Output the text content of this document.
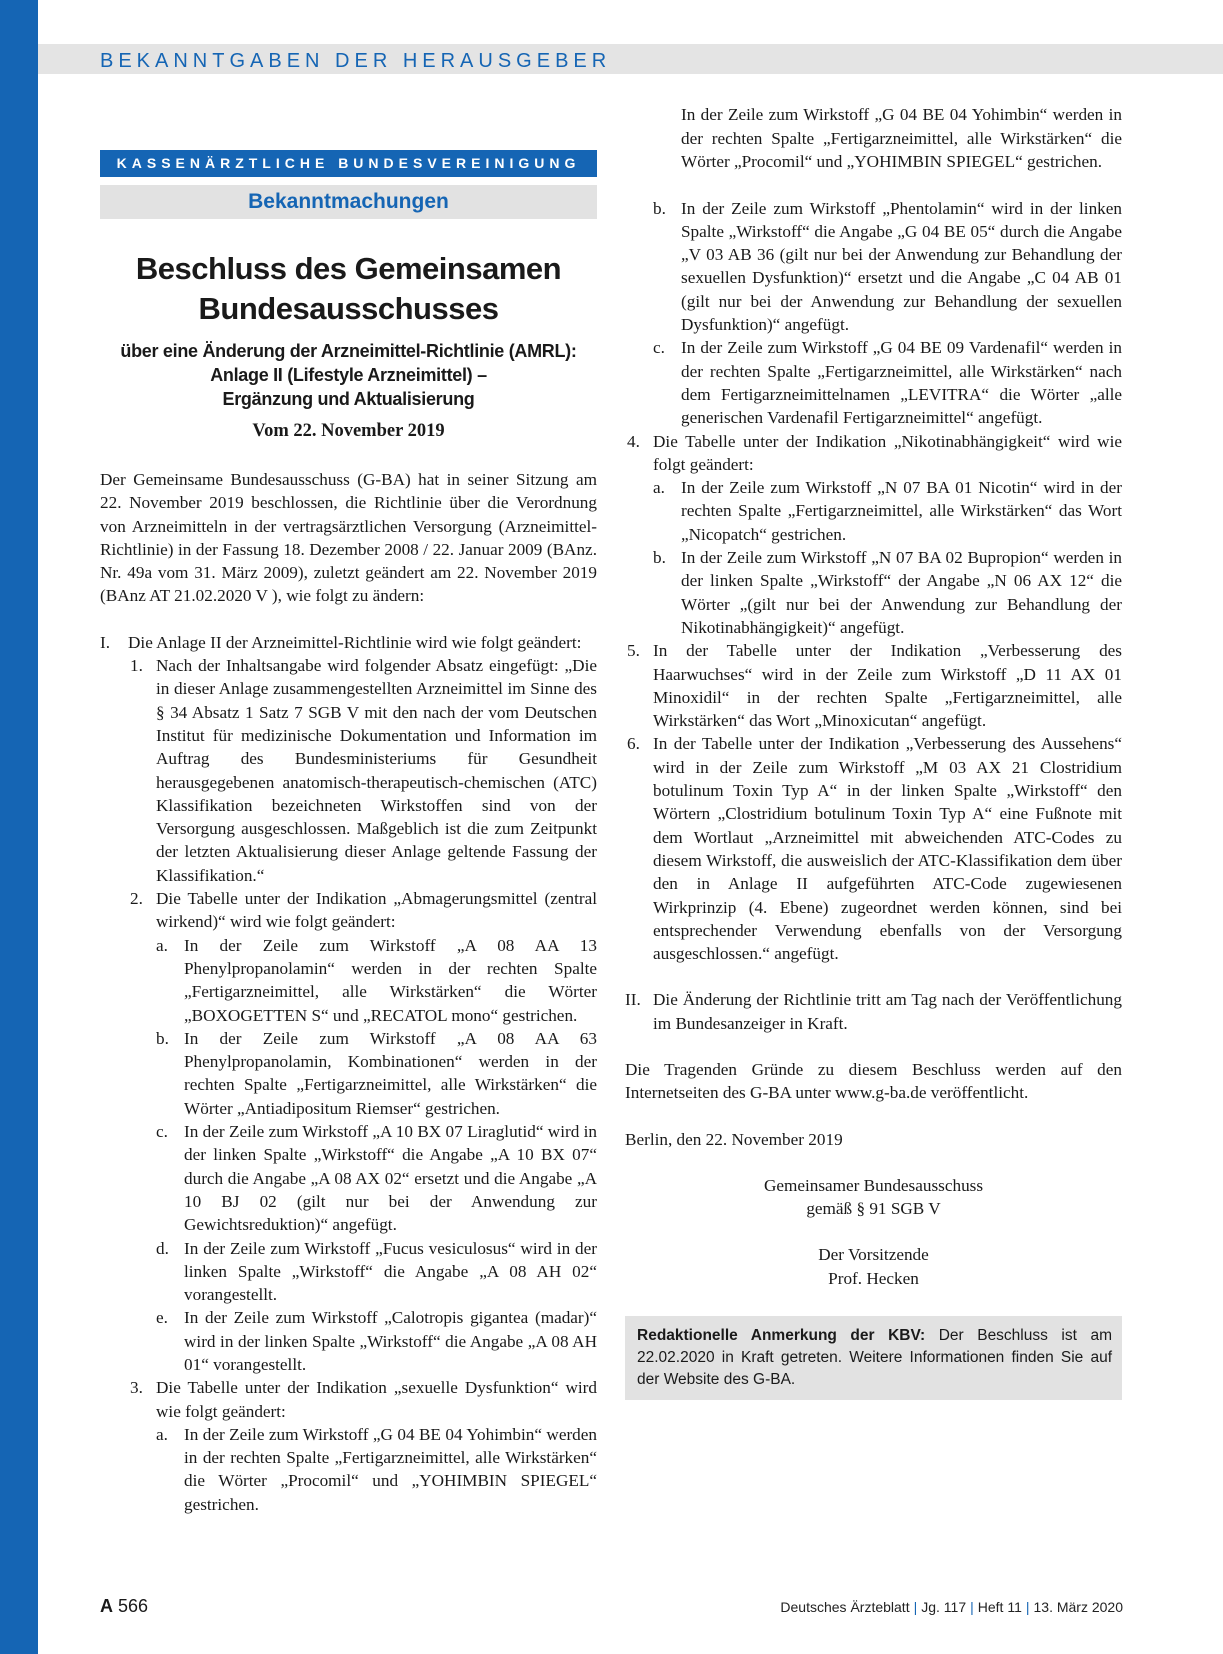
BEKANNTGABEN DER HERAUSGEBER
KASSENÄRZTLICHE BUNDESVEREINIGUNG
Bekanntmachungen
Beschluss des Gemeinsamen
Bundesausschusses
über eine Änderung der Arzneimittel-Richtlinie (AMRL):
Anlage II (Lifestyle Arzneimittel) –
Ergänzung und Aktualisierung
Vom 22. November 2019
Der Gemeinsame Bundesausschuss (G-BA) hat in seiner Sitzung am 22. November 2019 beschlossen, die Richtlinie über die Verordnung von Arzneimitteln in der vertragsärztlichen Versorgung (Arzneimittel-Richtlinie) in der Fassung 18. Dezember 2008 / 22. Januar 2009 (BAnz. Nr. 49a vom 31. März 2009), zuletzt geändert am 22. November 2019 (BAnz AT 21.02.2020 V ), wie folgt zu ändern:
I.	Die Anlage II der Arzneimittel-Richtlinie wird wie folgt geändert:
1. Nach der Inhaltsangabe wird folgender Absatz eingefügt: „Die in dieser Anlage zusammengestellten Arzneimittel im Sinne des § 34 Absatz 1 Satz 7 SGB V mit den nach der vom Deutschen Institut für medizinische Dokumentation und Information im Auftrag des Bundesministeriums für Gesundheit herausgegebenen anatomisch-therapeutisch-chemischen (ATC) Klassifikation bezeichneten Wirkstoffen sind von der Versorgung ausgeschlossen. Maßgeblich ist die zum Zeitpunkt der letzten Aktualisierung dieser Anlage geltende Fassung der Klassifikation.“
2. Die Tabelle unter der Indikation „Abmagerungsmittel (zentral wirkend)“ wird wie folgt geändert:
a. In der Zeile zum Wirkstoff „A 08 AA 13 Phenylpropanolamin“ werden in der rechten Spalte „Fertigarzneimittel, alle Wirkstärken“ die Wörter „BOXOGETTEN S“ und „RECATOL mono“ gestrichen.
b. In der Zeile zum Wirkstoff „A 08 AA 63 Phenylpropanolamin, Kombinationen“ werden in der rechten Spalte „Fertigarzneimittel, alle Wirkstärken“ die Wörter „Antiadipositum Riemser“ gestrichen.
c. In der Zeile zum Wirkstoff „A 10 BX 07 Liraglutid“ wird in der linken Spalte „Wirkstoff“ die Angabe „A 10 BX 07“ durch die Angabe „A 08 AX 02“ ersetzt und die Angabe „A 10 BJ 02 (gilt nur bei der Anwendung zur Gewichtsreduktion)“ angefügt.
d. In der Zeile zum Wirkstoff „Fucus vesiculosus“ wird in der linken Spalte „Wirkstoff“ die Angabe „A 08 AH 02“ vorangestellt.
e. In der Zeile zum Wirkstoff „Calotropis gigantea (madar)“ wird in der linken Spalte „Wirkstoff“ die Angabe „A 08 AH 01“ vorangestellt.
3. Die Tabelle unter der Indikation „sexuelle Dysfunktion“ wird wie folgt geändert:
a. In der Zeile zum Wirkstoff „G 04 BE 04 Yohimbin“ werden in der rechten Spalte „Fertigarzneimittel, alle Wirkstärken“ die Wörter „Procomil“ und „YOHIMBIN SPIEGEL“ gestrichen.
In der Zeile zum Wirkstoff „G 04 BE 04 Yohimbin“ werden in der rechten Spalte „Fertigarzneimittel, alle Wirkstärken“ die Wörter „Procomil“ und „YOHIMBIN SPIEGEL“ gestrichen.
b. In der Zeile zum Wirkstoff „Phentolamin“ wird in der linken Spalte „Wirkstoff“ die Angabe „G 04 BE 05“ durch die Angabe „V 03 AB 36 (gilt nur bei der Anwendung zur Behandlung der sexuellen Dysfunktion)“ ersetzt und die Angabe „C 04 AB 01 (gilt nur bei der Anwendung zur Behandlung der sexuellen Dysfunktion)“ angefügt.
c. In der Zeile zum Wirkstoff „G 04 BE 09 Vardenafil“ werden in der rechten Spalte „Fertigarzneimittel, alle Wirkstärken“ nach dem Fertigarzneimittelnamen „LEVITRA“ die Wörter „alle generischen Vardenafil Fertigarzneimittel“ angefügt.
4. Die Tabelle unter der Indikation „Nikotinabhängigkeit“ wird wie folgt geändert:
a. In der Zeile zum Wirkstoff „N 07 BA 01 Nicotin“ wird in der rechten Spalte „Fertigarzneimittel, alle Wirkstärken“ das Wort „Nicopatch“ gestrichen.
b. In der Zeile zum Wirkstoff „N 07 BA 02 Bupropion“ werden in der linken Spalte „Wirkstoff“ der Angabe „N 06 AX 12“ die Wörter „(gilt nur bei der Anwendung zur Behandlung der Nikotinabhängigkeit)“ angefügt.
5. In der Tabelle unter der Indikation „Verbesserung des Haarwuchses“ wird in der Zeile zum Wirkstoff „D 11 AX 01 Minoxidil“ in der rechten Spalte „Fertigarzneimittel, alle Wirkstärken“ das Wort „Minoxicutan“ angefügt.
6. In der Tabelle unter der Indikation „Verbesserung des Aussehens“ wird in der Zeile zum Wirkstoff „M 03 AX 21 Clostridium botulinum Toxin Typ A“ in der linken Spalte „Wirkstoff“ den Wörtern „Clostridium botulinum Toxin Typ A“ eine Fußnote mit dem Wortlaut „Arzneimittel mit abweichenden ATC-Codes zu diesem Wirkstoff, die ausweislich der ATC-Klassifikation dem über den in Anlage II aufgeführten ATC-Code zugewiesenen Wirkprinzip (4. Ebene) zugeordnet werden können, sind bei entsprechender Verwendung ebenfalls von der Versorgung ausgeschlossen.“ angefügt.
II. Die Änderung der Richtlinie tritt am Tag nach der Veröffentlichung im Bundesanzeiger in Kraft.
Die Tragenden Gründe zu diesem Beschluss werden auf den Internetseiten des G-BA unter www.g-ba.de veröffentlicht.
Berlin, den 22. November 2019
Gemeinsamer Bundesausschuss
gemäß § 91 SGB V
Der Vorsitzende
Prof. Hecken
Redaktionelle Anmerkung der KBV: Der Beschluss ist am 22.02.2020 in Kraft getreten. Weitere Informationen finden Sie auf der Website des G-BA.
A 566	Deutsches Ärzteblatt | Jg. 117 | Heft 11 | 13. März 2020
